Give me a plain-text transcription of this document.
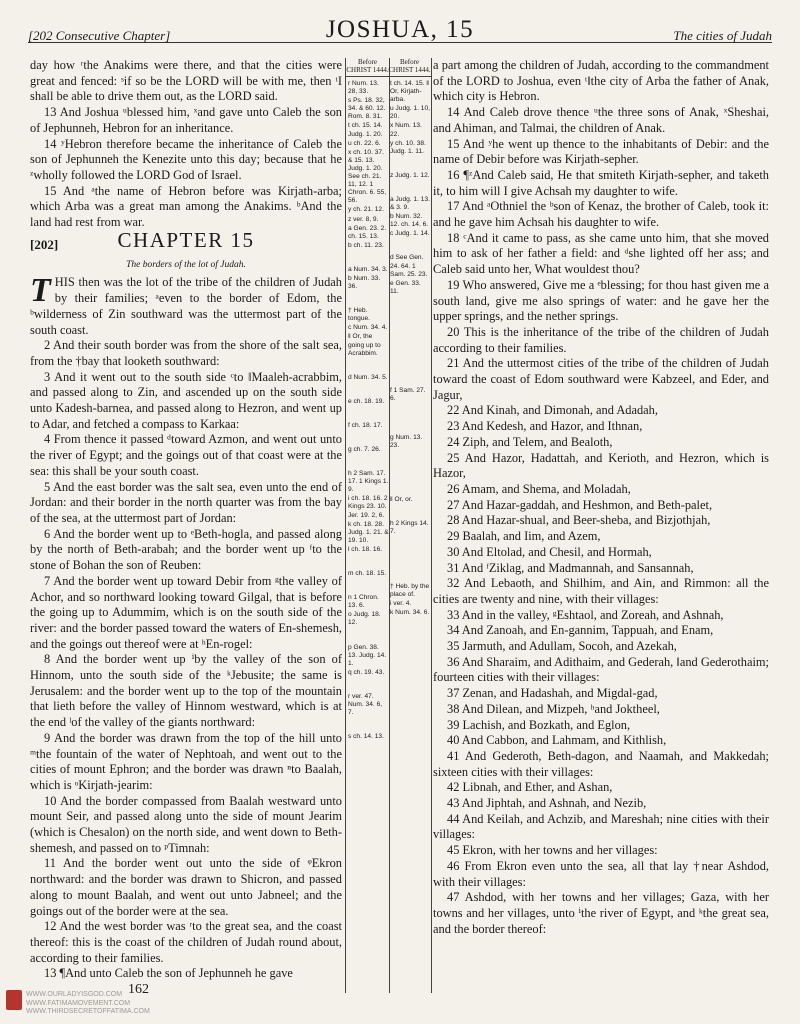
[202 Consecutive Chapter]	JOSHUA, 15	The cities of Judah

day how ʳthe Anakims were there, and that the cities were great and fenced: ˢif so be the LORD will be with me, then ᵗI shall be able to drive them out, as the LORD said.

13 And Joshua ᵘblessed him, ˣand gave unto Caleb the son of Jephunneh, Hebron for an inheritance.

14 ʸHebron therefore became the inheritance of Caleb the son of Jephunneh the Kenezite unto this day; because that he ᶻwholly followed the LORD God of Israel.

15 And ᵃthe name of Hebron before was Kirjath-arba; which Arba was a great man among the Anakims. ᵇAnd the land had rest from war.

[202]	CHAPTER 15
The borders of the lot of Judah.
T HIS then was the lot of the tribe of the children of Judah by their families; ᵃeven to the border of Edom, the ᵇwilderness of Zin southward was the uttermost part of the south coast.

2 And their south border was from the shore of the salt sea, from the †bay that looketh southward:

3 And it went out to the south side ᶜto ‖Maaleh-acrabbim, and passed along to Zin, and ascended up on the south side unto Kadesh-barnea, and passed along to Hezron, and went up to Adar, and fetched a compass to Karkaa:

4 From thence it passed ᵈtoward Azmon, and went out unto the river of Egypt; and the goings out of that coast were at the sea: this shall be your south coast.

5 And the east border was the salt sea, even unto the end of Jordan: and their border in the north quarter was from the bay of the sea, at the uttermost part of Jordan:

6 And the border went up to ᵉBeth-hogla, and passed along by the north of Beth-arabah; and the border went up ᶠto the stone of Bohan the son of Reuben:

7 And the border went up toward Debir from ᵍthe valley of Achor, and so northward looking toward Gilgal, that is before the going up to Adummim, which is on the south side of the river: and the border passed toward the waters of En-shemesh, and the goings out thereof were at ʰEn-rogel:

8 And the border went up ⁱby the valley of the son of Hinnom, unto the south side of the ᵏJebusite; the same is Jerusalem: and the border went up to the top of the mountain that lieth before the valley of Hinnom westward, which is at the end ˡof the valley of the giants northward:

9 And the border was drawn from the top of the hill unto ᵐthe fountain of the water of Nephtoah, and went out to the cities of mount Ephron; and the border was drawn ⁿto Baalah, which is ᵒKirjath-jearim:

10 And the border compassed from Baalah westward unto mount Seir, and passed along unto the side of mount Jearim (which is Chesalon) on the north side, and went down to Beth-shemesh, and passed on to ᵖTimnah:

11 And the border went out unto the side of ᵠEkron northward: and the border was drawn to Shicron, and passed along to mount Baalah, and went out unto Jabneel; and the goings out of the border were at the sea.

12 And the west border was ʳto the great sea, and the coast thereof: this is the coast of the children of Judah round about, according to their families.

13 ¶And unto Caleb the son of Jephunneh he gave

Before CHRIST 1444.
r Num. 13. 28, 33.
s Ps. 18. 32, 34. & 60. 12. Rom. 8. 31.
t ch. 15. 14. Judg. 1. 20.
u ch. 22. 6.
x ch. 10. 37. & 15. 13. Judg. 1. 20. See ch. 21. 11, 12. 1 Chron. 6. 55, 56.
y ch. 21. 12.
z ver. 8, 9.
a Gen. 23. 2. ch. 15. 13.
b ch. 11. 23.

a Num. 34. 3.
b Num. 33. 36.

† Heb. tongue.
c Num. 34. 4.
‖ Or, the going up to Acrabbim.

d Num. 34. 5.

e ch. 18. 19.

f ch. 18. 17.

g ch. 7. 26.

h 2 Sam. 17. 17. 1 Kings 1. 9.
i ch. 18. 16. 2 Kings 23. 10. Jer. 19. 2, 6.
k ch. 18. 28. Judg. 1. 21. & 19. 10.
l ch. 18. 16.

m ch. 18. 15.

n 1 Chron. 13. 6.
o Judg. 18. 12.

p Gen. 38. 13. Judg. 14. 1.
q ch. 19. 43.

r ver. 47. Num. 34. 6, 7.

s ch. 14. 13.
Before CHRIST 1444.
t ch. 14. 15. ‖ Or, Kirjath-arba.
u Judg. 1. 10, 20.
x Num. 13. 22.
y ch. 10. 38. Judg. 1. 11.

z Judg. 1. 12.

a Judg. 1. 13. & 3. 9.
b Num. 32. 12. ch. 14. 6.
c Judg. 1. 14.

d See Gen. 24. 64. 1 Sam. 25. 23.
e Gen. 33. 11.

f 1 Sam. 27. 6.

g Num. 13. 23.

‖ Or, or.

h 2 Kings 14. 7.

† Heb. by the place of.
i ver. 4.
k Num. 34. 6.

a part among the children of Judah, according to the commandment of the LORD to Joshua, even ᵗ‖the city of Arba the father of Anak, which city is Hebron.

14 And Caleb drove thence ᵘthe three sons of Anak, ˣSheshai, and Ahiman, and Talmai, the children of Anak.

15 And ʸhe went up thence to the inhabitants of Debir: and the name of Debir before was Kirjath-sepher.

16 ¶ᶻAnd Caleb said, He that smiteth Kirjath-sepher, and taketh it, to him will I give Achsah my daughter to wife.

17 And ᵃOthniel the ᵇson of Kenaz, the brother of Caleb, took it: and he gave him Achsah his daughter to wife.

18 ᶜAnd it came to pass, as she came unto him, that she moved him to ask of her father a field: and ᵈshe lighted off her ass; and Caleb said unto her, What wouldest thou?

19 Who answered, Give me a ᵉblessing; for thou hast given me a south land, give me also springs of water: and he gave her the upper springs, and the nether springs.

20 This is the inheritance of the tribe of the children of Judah according to their families.

21 And the uttermost cities of the tribe of the children of Judah toward the coast of Edom southward were Kabzeel, and Eder, and Jagur,

22 And Kinah, and Dimonah, and Adadah,

23 And Kedesh, and Hazor, and Ithnan,

24 Ziph, and Telem, and Bealoth,

25 And Hazor, Hadattah, and Kerioth, and Hezron, which is Hazor,

26 Amam, and Shema, and Moladah,

27 And Hazar-gaddah, and Heshmon, and Beth-palet,

28 And Hazar-shual, and Beer-sheba, and Bizjothjah,

29 Baalah, and Iim, and Azem,

30 And Eltolad, and Chesil, and Hormah,

31 And ᶠZiklag, and Madmannah, and Sansannah,

32 And Lebaoth, and Shilhim, and Ain, and Rimmon: all the cities are twenty and nine, with their villages:

33 And in the valley, ᵍEshtaol, and Zoreah, and Ashnah,

34 And Zanoah, and En-gannim, Tappuah, and Enam,

35 Jarmuth, and Adullam, Socoh, and Azekah,

36 And Sharaim, and Adithaim, and Gederah, ‖and Gederothaim; fourteen cities with their villages:

37 Zenan, and Hadashah, and Migdal-gad,

38 And Dilean, and Mizpeh, ʰand Joktheel,

39 Lachish, and Bozkath, and Eglon,

40 And Cabbon, and Lahmam, and Kithlish,

41 And Gederoth, Beth-dagon, and Naamah, and Makkedah; sixteen cities with their villages:

42 Libnah, and Ether, and Ashan,

43 And Jiphtah, and Ashnah, and Nezib,

44 And Keilah, and Achzib, and Mareshah; nine cities with their villages:

45 Ekron, with her towns and her villages:

46 From Ekron even unto the sea, all that lay †near Ashdod, with their villages:

47 Ashdod, with her towns and her villages; Gaza, with her towns and her villages, unto ⁱthe river of Egypt, and ᵏthe great sea, and the border thereof:

WWW.OURLADYISGOD.COM
WWW.FATIMAMOVEMENT.COM
WWW.THIRDSECRETOFFATIMA.COM
162
